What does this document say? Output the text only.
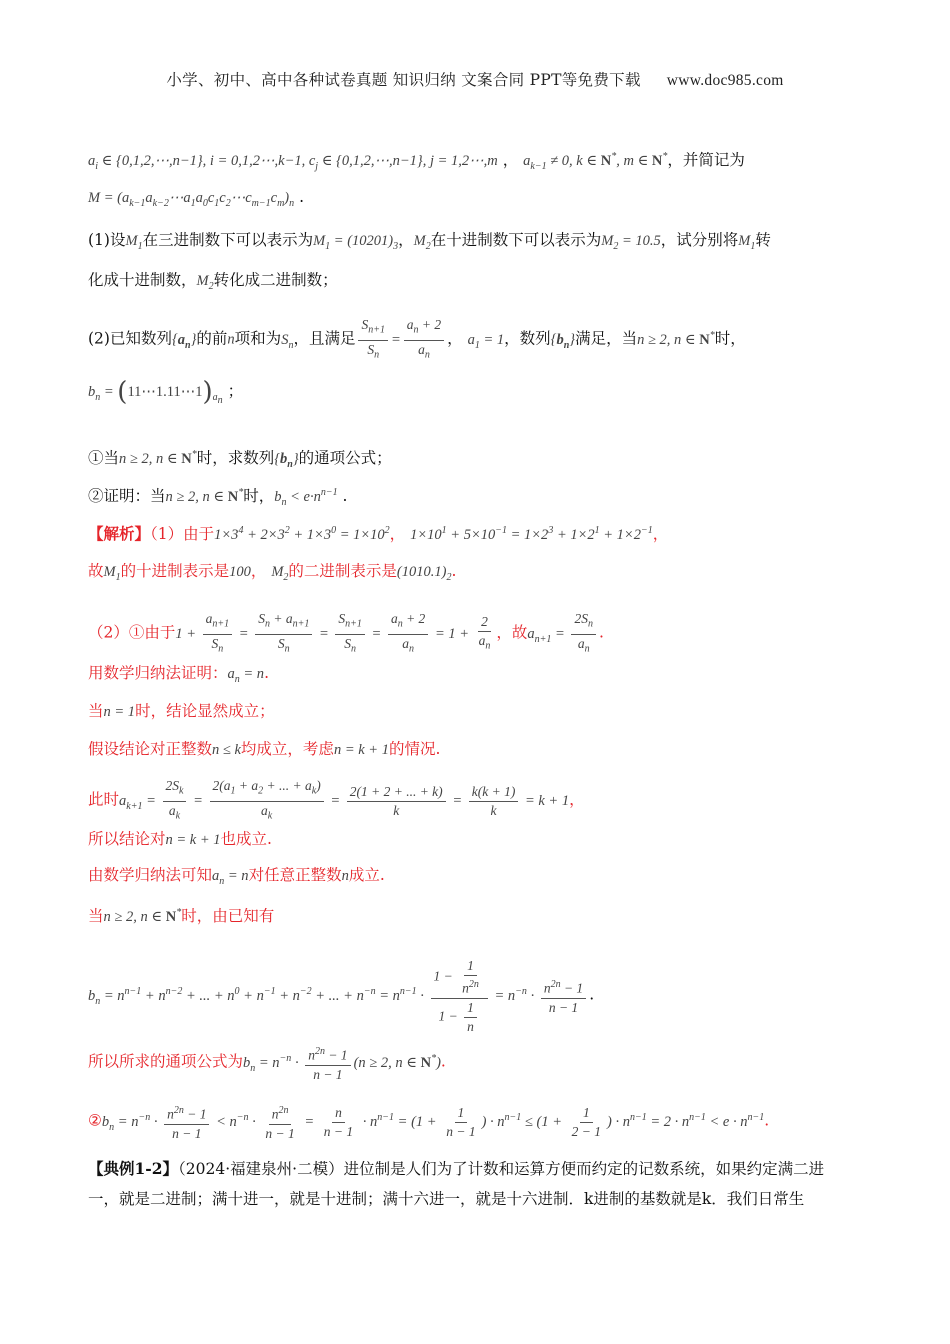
小学、初中、高中各种试卷真题 知识归纳 文案合同 PPT等免费下载 www.doc985.com
$a_i$ ∈ {0,1,2,⋯,n−1}, i = 0,1,2⋯,k−1, $c_j$ ∈ {0,1,2,⋯,n−1}, j = 1,2⋯,m ， $a_{k-1} \ne 0$, k ∈ N*, m ∈ N*，并简记为
$M = (a_{k-1}a_{k-2}\cdots a_1a_0c_1c_2\cdots c_{m-1}c_m)_n$ .
(1)设$M_1$在三进制数下可以表示为$M_1 = (10201)_3$，$M_2$在十进制数下可以表示为$M_2 = 10.5$，试分别将$M_1$转
化成十进制数，$M_2$转化成二进制数；
(2)已知数列$\{a_n\}$的前n项和为$S_n$，且满足 $\frac{S_{n+1}}{S_n} = \frac{a_n + 2}{a_n}$ ， $a_1 = 1$，数列$\{b_n\}$满足，当n ≥ 2, n ∈ N*时，
$b_n$ = $(11\cdots 1.11\cdots 1)_{a_n}$ ；
①当n ≥ 2, n ∈ N*时，求数列$\{b_n\}$的通项公式；
②证明：当n ≥ 2, n ∈ N*时，$b_n < e\cdot n^{n-1}$ .
【解析】（1）由于$1\times 3^4 + 2\times 3^2 + 1\times 3^0 = 1\times 10^2$， $1\times 10^1 + 5\times 10^{-1} = 1\times 2^3 + 1\times 2^1 + 1\times 2^{-1}$，
故$M_1$的十进制表示是100， $M_2$的二进制表示是$(1010.1)_2$.
（2）①由于$1 + \frac{a_{n+1}}{S_n} = \frac{S_n + a_{n+1}}{S_n} = \frac{S_{n+1}}{S_n} = \frac{a_n + 2}{a_n} = 1 + \frac{2}{a_n}$ ，故$a_{n+1} = \frac{2S_n}{a_n}$ .
用数学归纳法证明：$a_n = n$.
当n = 1时，结论显然成立；
假设结论对正整数n ≤ k均成立，考虑n = k + 1的情况.
此时$a_{k+1} = \frac{2S_k}{a_k} = \frac{2(a_1 + a_2 + ... + a_k)}{a_k} = \frac{2(1 + 2 + ... + k)}{k} = \frac{k(k + 1)}{k} = k + 1$，
所以结论对n = k + 1也成立.
由数学归纳法可知$a_n = n$对任意正整数n成立.
当n ≥ 2, n ∈ N*时，由已知有
$b_n = n^{n-1} + n^{n-2}$ + ... + $n^0 + n^{-1} + n^{-2}$ + ... + $n^{-n} = n^{n-1} \cdot \frac{1 - \frac{1}{n^{2n}}}{1 - \frac{1}{n}} = n^{-n} \cdot \frac{n^{2n} - 1}{n - 1}$ .
所以所求的通项公式为$b_n = n^{-n} \cdot \frac{n^{2n} - 1}{n - 1} (n \ge 2$, n ∈ N*).
$②b_n = n^{-n} \cdot \frac{n^{2n} - 1}{n - 1} < n^{-n} \cdot \frac{n^{2n}}{n - 1} = \frac{n}{n - 1} \cdot n^{n-1} = (1 + \frac{1}{n - 1}$ ) · $n^{n-1} \le (1 + \frac{1}{2 - 1}$ ) · $n^{n-1} = 2 \cdot n^{n-1} < e \cdot n^{n-1}$.
【典例1-2】（2024·福建泉州·二模）进位制是人们为了计数和运算方便而约定的记数系统，如果约定满二进
一，就是二进制；满十进一，就是十进制；满十六进一，就是十六进制．k进制的基数就是k．我们日常生
